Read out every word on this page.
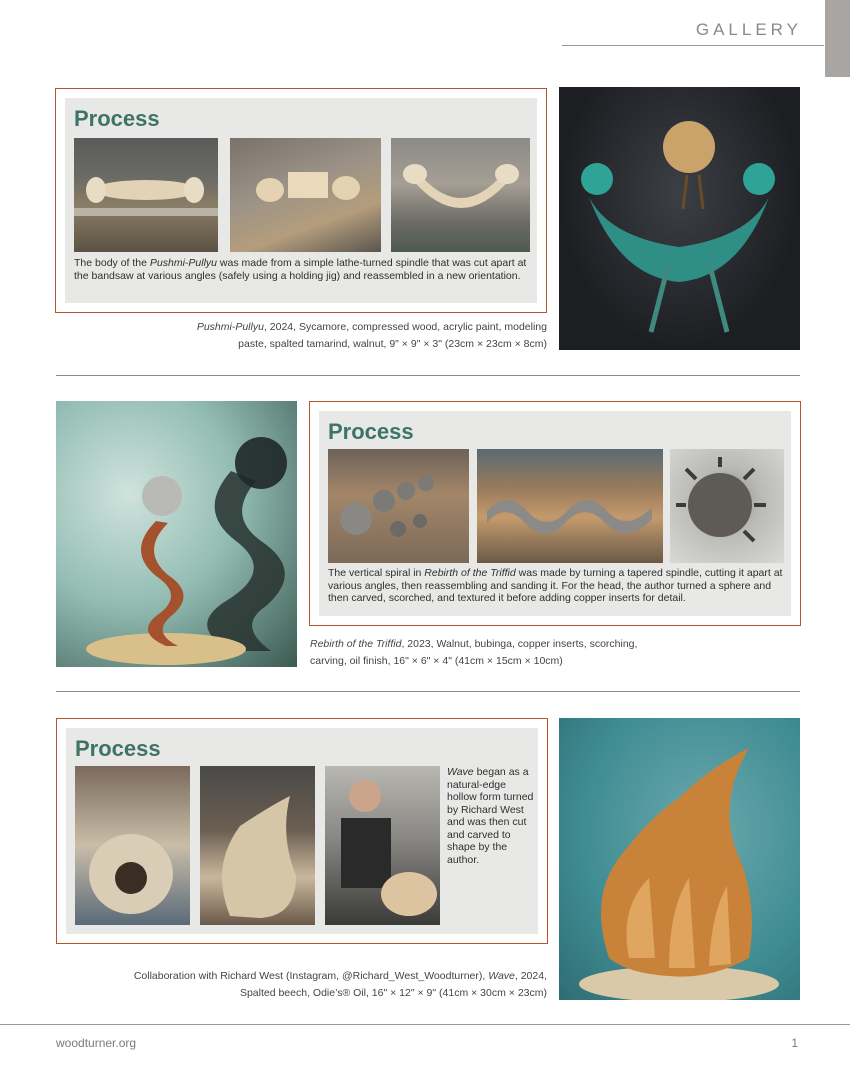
GALLERY
Process
The body of the Pushmi-Pullyu was made from a simple lathe-turned spindle that was cut apart at the bandsaw at various angles (safely using a holding jig) and reassembled in a new orientation.
Pushmi-Pullyu, 2024, Sycamore, compressed wood, acrylic paint, modeling
paste, spalted tamarind, walnut, 9" × 9" × 3" (23cm × 23cm × 8cm)
Process
The vertical spiral in Rebirth of the Triffid was made by turning a tapered spindle, cutting it apart at various angles, then reassembling and sanding it. For the head, the author turned a sphere and then carved, scorched, and textured it before adding copper inserts for detail.
Rebirth of the Triffid, 2023, Walnut, bubinga, copper inserts, scorching,
carving, oil finish, 16" × 6" × 4" (41cm × 15cm × 10cm)
Process
Wave began as a natural-edge hollow form turned by Richard West and was then cut and carved to shape by the author.
Collaboration with Richard West (Instagram, @Richard_West_Woodturner), Wave, 2024,
Spalted beech, Odie’s® Oil, 16" × 12" × 9" (41cm × 30cm × 23cm)
woodturner.org	1
